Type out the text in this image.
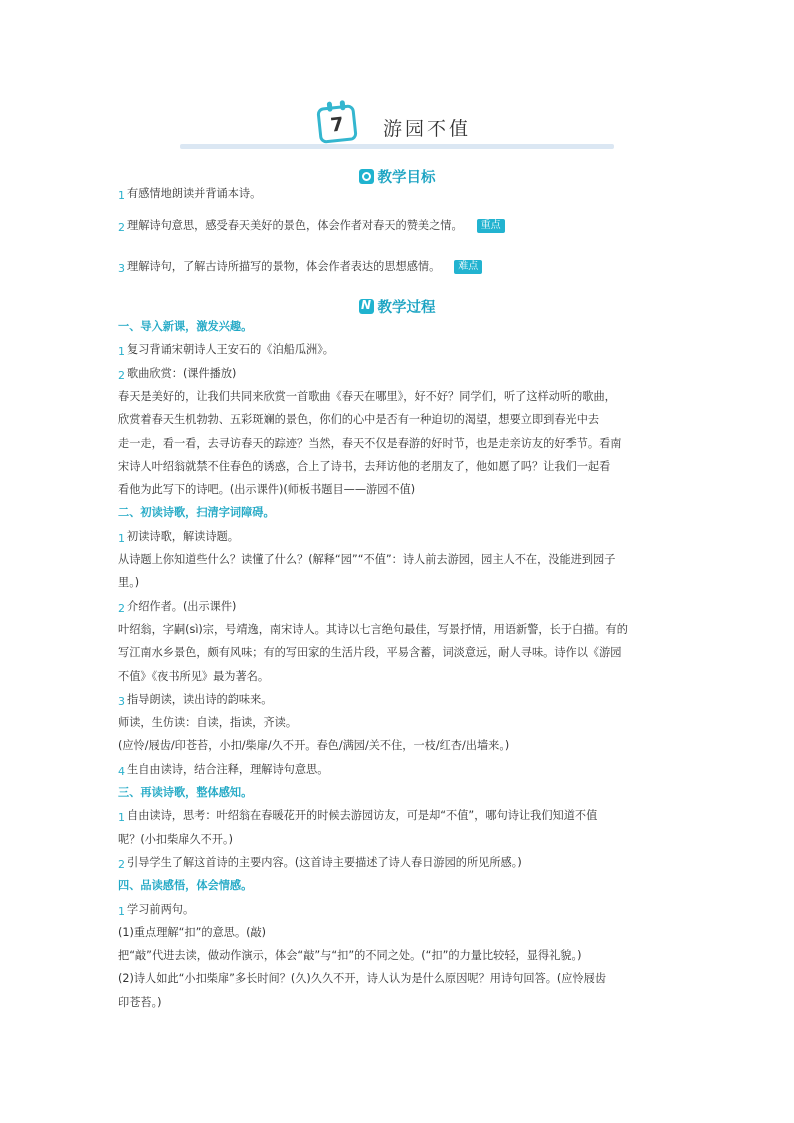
7	游园不值
教学目标
1 有感情地朗读并背诵本诗。
2 理解诗句意思，感受春天美好的景色，体会作者对春天的赞美之情。 重点
3 理解诗句，了解古诗所描写的景物，体会作者表达的思想感情。 难点
N
教学过程
一、导入新课，激发兴趣。
1 复习背诵宋朝诗人王安石的《泊船瓜洲》。
2 歌曲欣赏：(课件播放)
春天是美好的，让我们共同来欣赏一首歌曲《春天在哪里》，好不好？同学们，听了这样动听的歌曲，
欣赏着春天生机勃勃、五彩斑斓的景色，你们的心中是否有一种迫切的渴望，想要立即到春光中去
走一走，看一看，去寻访春天的踪迹？当然，春天不仅是春游的好时节，也是走亲访友的好季节。看南
宋诗人叶绍翁就禁不住春色的诱惑，合上了诗书，去拜访他的老朋友了，他如愿了吗？让我们一起看
看他为此写下的诗吧。(出示课件)(师板书题目——游园不值)
二、初读诗歌，扫清字词障碍。
1 初读诗歌，解读诗题。
从诗题上你知道些什么？读懂了什么？(解释“园”“不值”：诗人前去游园，园主人不在，没能进到园子
里。)
2 介绍作者。(出示课件)
叶绍翁，字嗣(sì)宗，号靖逸，南宋诗人。其诗以七言绝句最佳，写景抒情，用语新警，长于白描。有的
写江南水乡景色，颇有风味；有的写田家的生活片段，平易含蓄，词淡意远，耐人寻味。诗作以《游园
不值》《夜书所见》最为著名。
3 指导朗读，读出诗的韵味来。
师读，生仿读：自读，指读，齐读。
(应怜/屐齿/印苍苔，小扣/柴扉/久不开。春色/满园/关不住，一枝/红杏/出墙来。)
4 生自由读诗，结合注释，理解诗句意思。
三、再读诗歌，整体感知。
1 自由读诗，思考：叶绍翁在春暖花开的时候去游园访友，可是却“不值”，哪句诗让我们知道不值
呢？(小扣柴扉久不开。)
2 引导学生了解这首诗的主要内容。(这首诗主要描述了诗人春日游园的所见所感。)
四、品读感悟，体会情感。
1 学习前两句。
(1)重点理解“扣”的意思。(敲)
把“敲”代进去读，做动作演示，体会“敲”与“扣”的不同之处。(“扣”的力量比较轻，显得礼貌。)
(2)诗人如此“小扣柴扉”多长时间？(久)久久不开，诗人认为是什么原因呢？用诗句回答。(应怜屐齿
印苍苔。)
